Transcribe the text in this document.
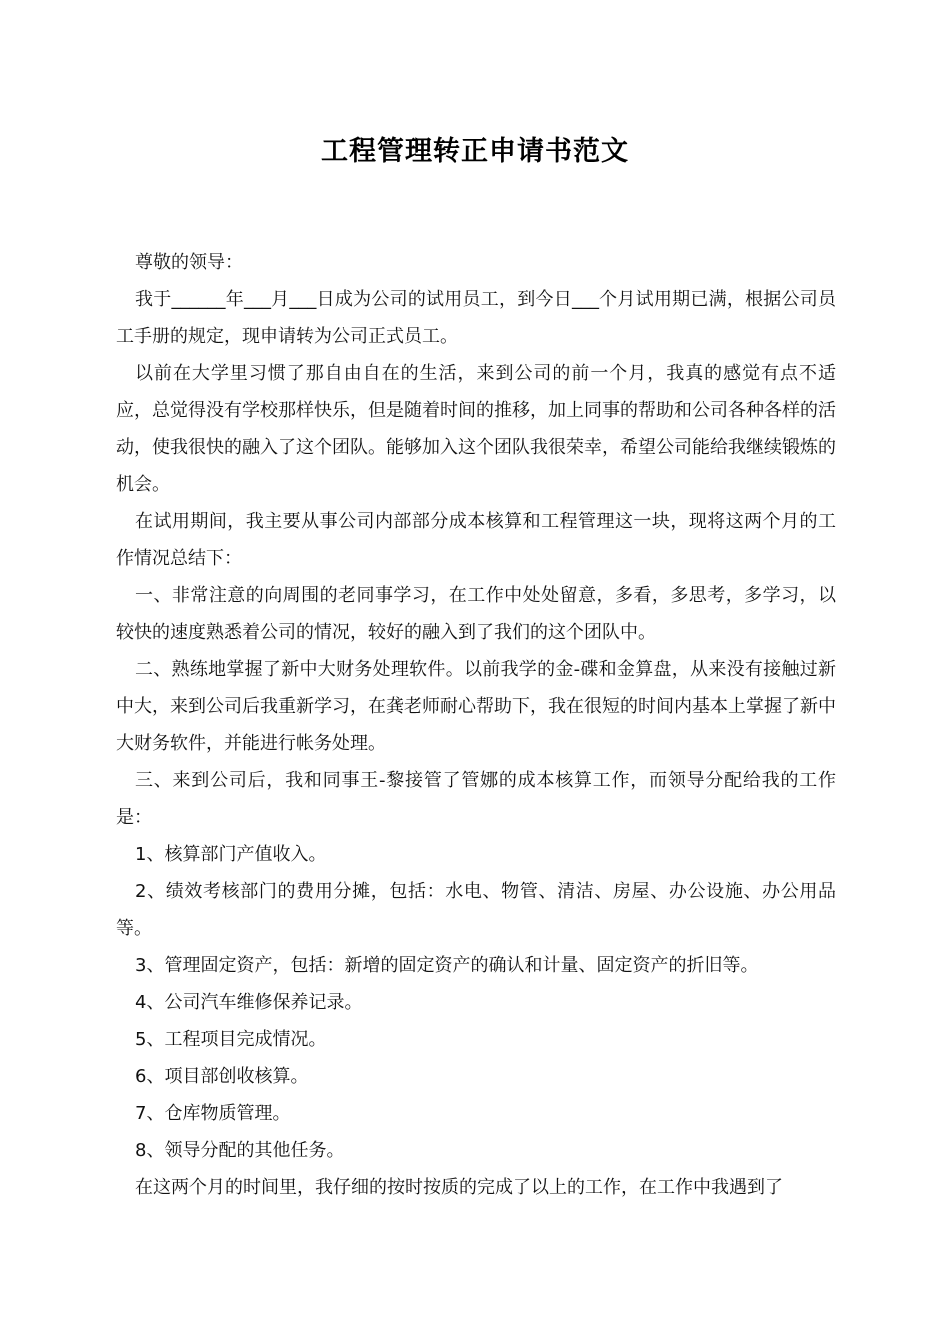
工程管理转正申请书范文

尊敬的领导：

我于______年___月___日成为公司的试用员工，到今日___个月试用期已满，根据公司员工手册的规定，现申请转为公司正式员工。

以前在大学里习惯了那自由自在的生活，来到公司的前一个月，我真的感觉有点不适应，总觉得没有学校那样快乐，但是随着时间的推移，加上同事的帮助和公司各种各样的活动，使我很快的融入了这个团队。能够加入这个团队我很荣幸，希望公司能给我继续锻炼的机会。

在试用期间，我主要从事公司内部部分成本核算和工程管理这一块，现将这两个月的工作情况总结下：

一、非常注意的向周围的老同事学习，在工作中处处留意，多看，多思考，多学习，以较快的速度熟悉着公司的情况，较好的融入到了我们的这个团队中。

二、熟练地掌握了新中大财务处理软件。以前我学的金-碟和金算盘，从来没有接触过新中大，来到公司后我重新学习，在龚老师耐心帮助下，我在很短的时间内基本上掌握了新中大财务软件，并能进行帐务处理。

三、来到公司后，我和同事王-黎接管了管娜的成本核算工作，而领导分配给我的工作是：

1、核算部门产值收入。

2、绩效考核部门的费用分摊，包括：水电、物管、清洁、房屋、办公设施、办公用品等。

3、管理固定资产，包括：新增的固定资产的确认和计量、固定资产的折旧等。

4、公司汽车维修保养记录。

5、工程项目完成情况。

6、项目部创收核算。

7、仓库物质管理。

8、领导分配的其他任务。

在这两个月的时间里，我仔细的按时按质的完成了以上的工作，在工作中我遇到了
